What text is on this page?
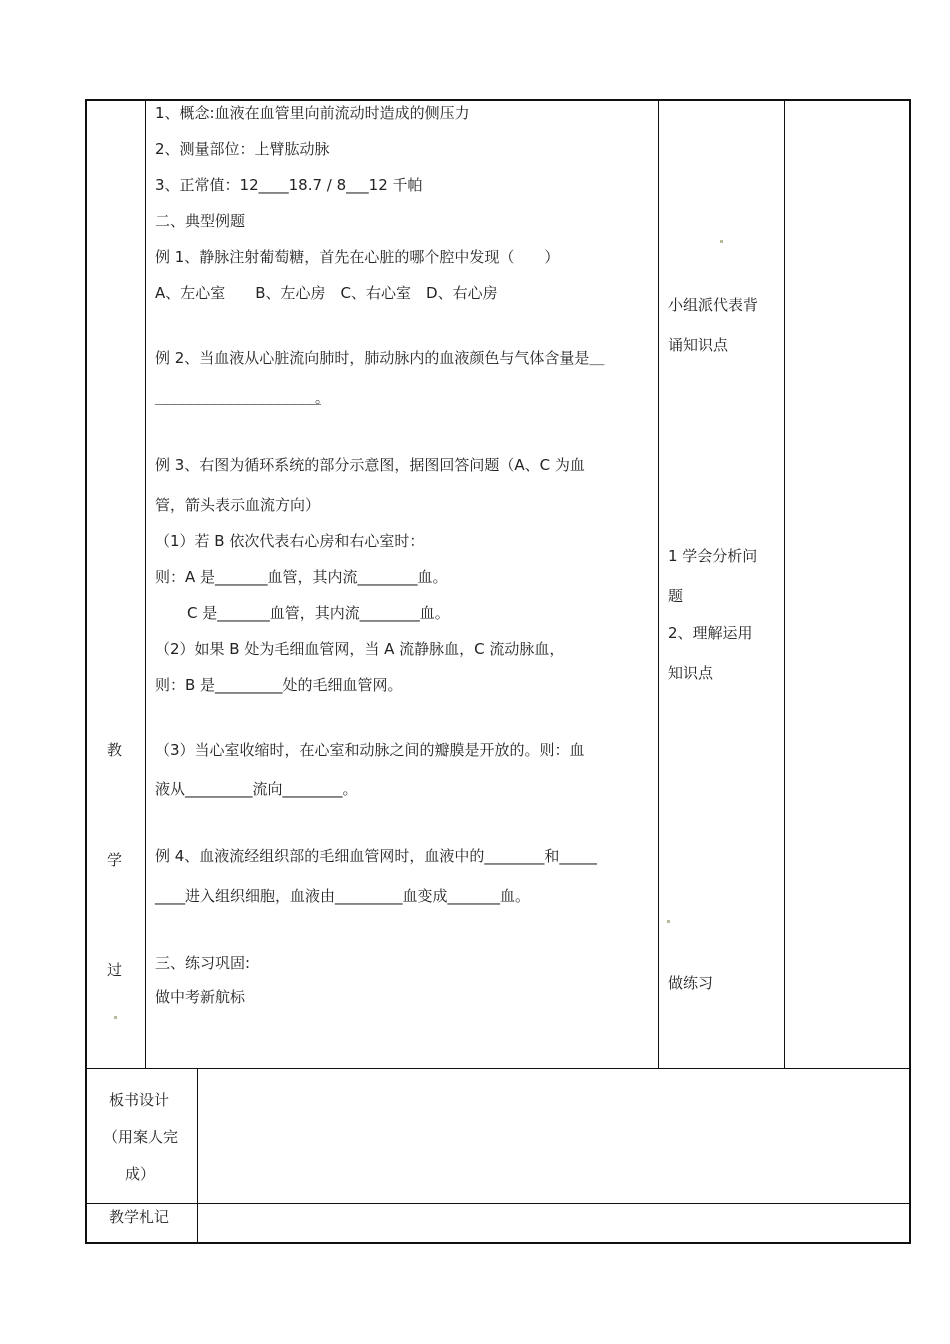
教
学
过
1、概念:血液在血管里向前流动时造成的侧压力
2、测量部位：上臂肱动脉
3、正常值：12____18.7 / 8___12 千帕
二、典型例题
例 1、静脉注射葡萄糖，首先在心脏的哪个腔中发现（　　）
A、左心室　　B、左心房　C、右心室　D、右心房
例 2、当血液从心脏流向肺时，肺动脉内的血液颜色与气体含量是＿
＿＿＿＿＿＿＿＿＿＿＿＿＿＿＿＿＿＿＿＿。
例 3、右图为循环系统的部分示意图，据图回答问题（A、C 为血
管，箭头表示血流方向）
（1）若 B 依次代表右心房和右心室时：
则：A 是_______血管，其内流________血。
C 是_______血管，其内流________血。
（2）如果 B 处为毛细血管网，当 A 流静脉血，C 流动脉血，
则：B 是_________处的毛细血管网。
（3）当心室收缩时，在心室和动脉之间的瓣膜是开放的。则：血
液从_________流向________。
例 4、血液流经组织部的毛细血管网时，血液中的________和_____
____进入组织细胞，血液由_________血变成_______血。
三、练习巩固:
做中考新航标
小组派代表背
诵知识点
1 学会分析问
题
2、理解运用
知识点
做练习
板书设计
（用案人完
成）
教学札记
